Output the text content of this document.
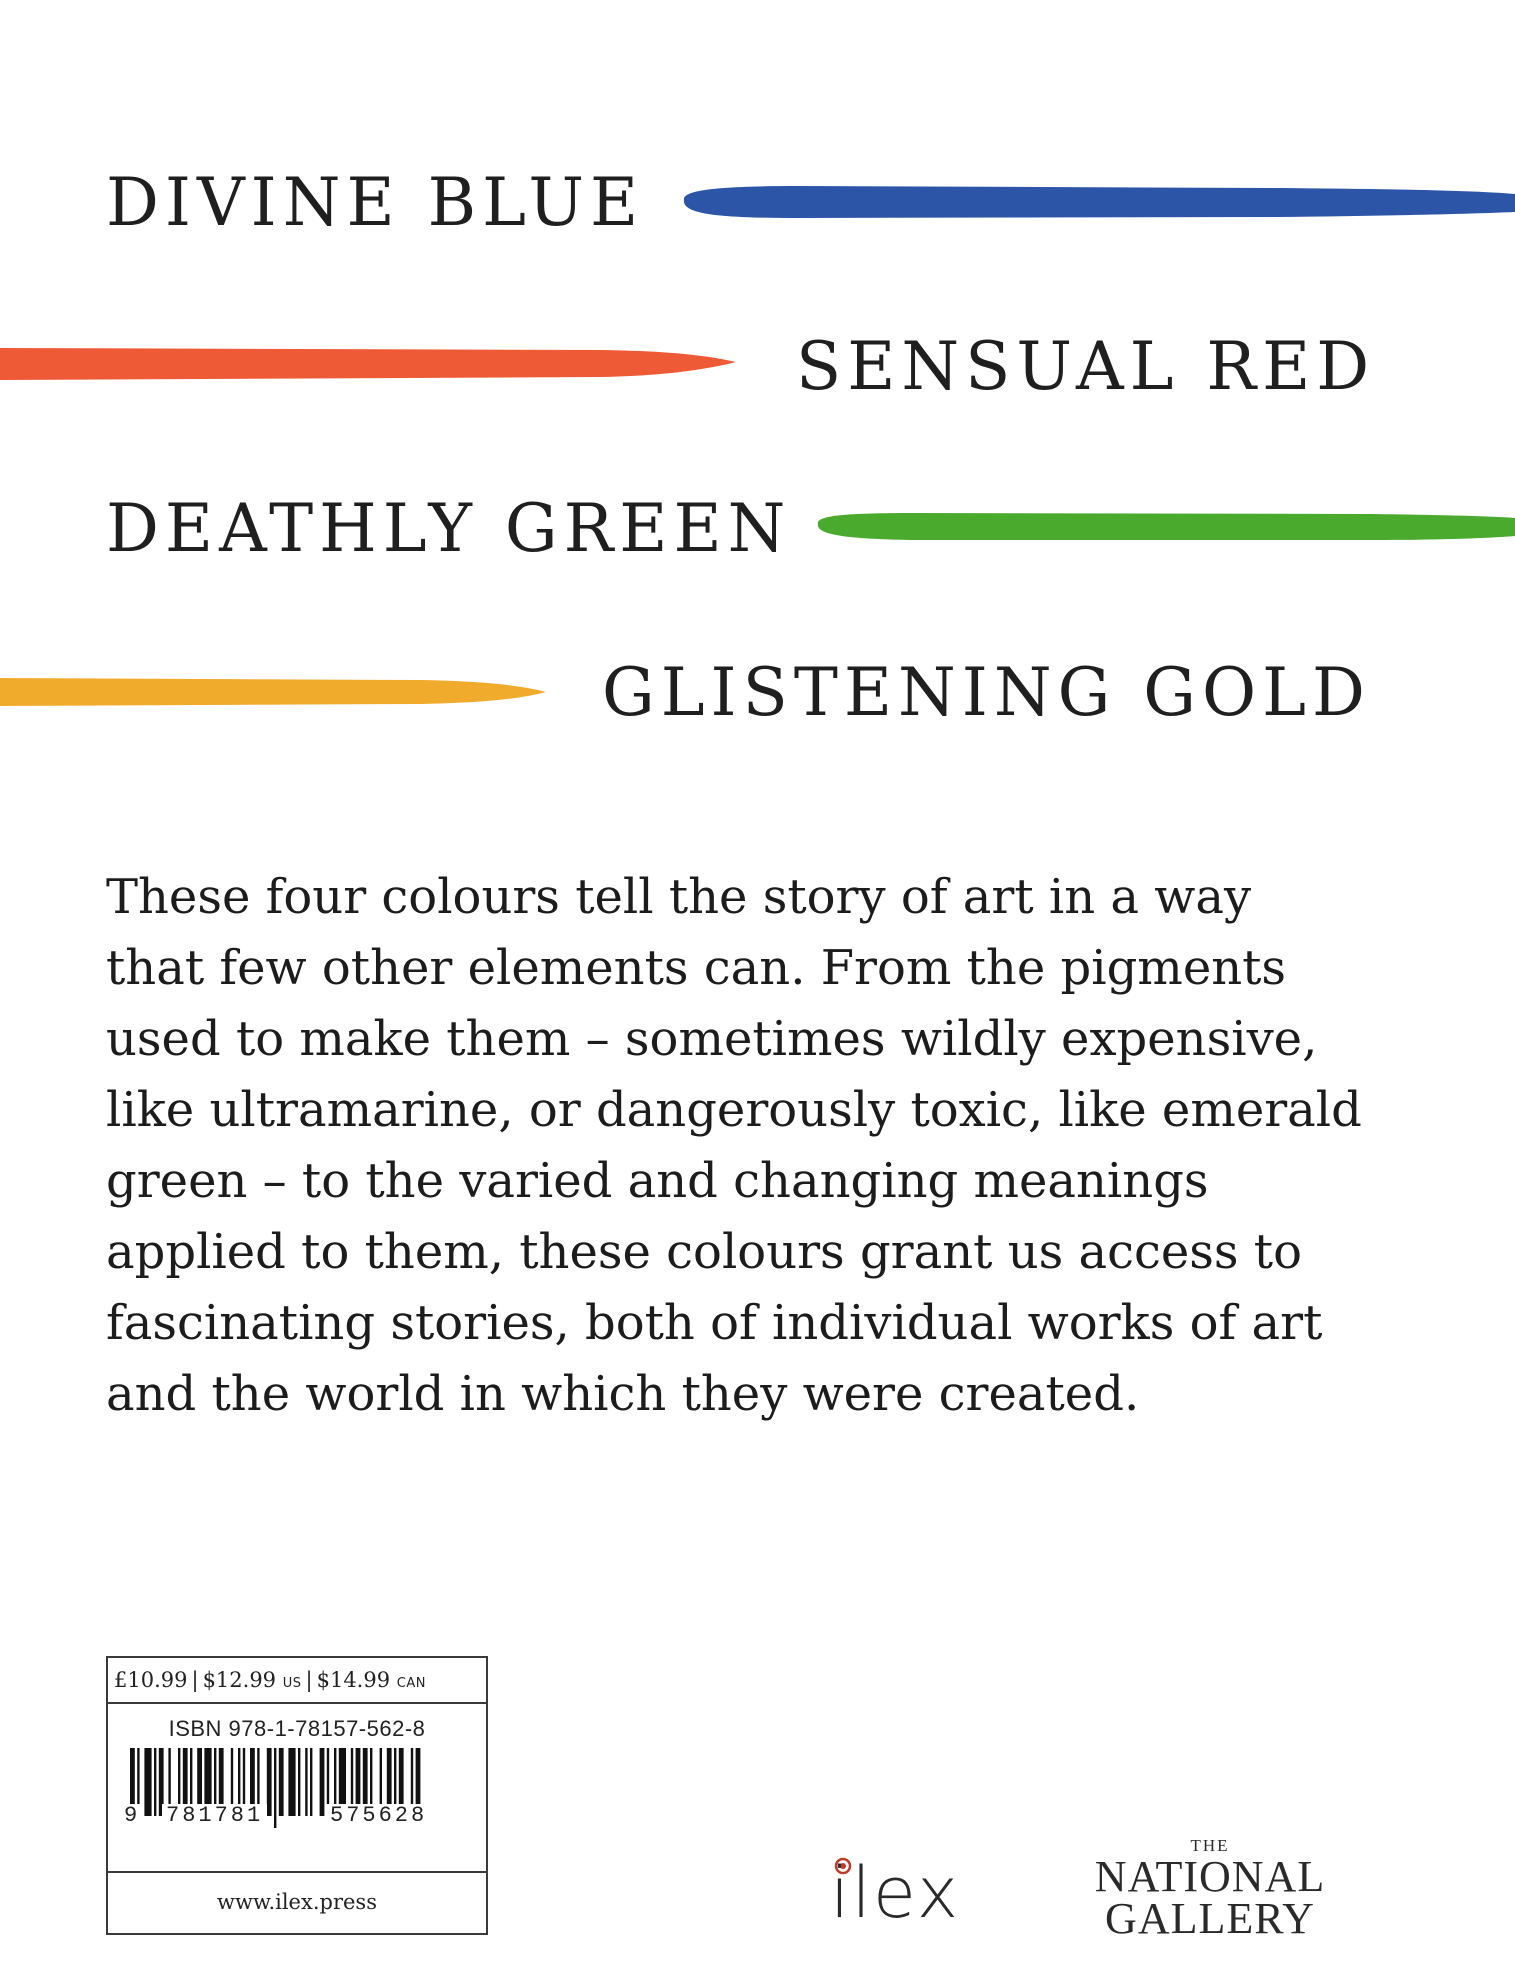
DIVINE BLUE
SENSUAL RED
DEATHLY GREEN
GLISTENING GOLD

These four colours tell the story of art in a way
that few other elements can. From the pigments
used to make them – sometimes wildly expensive,
like ultramarine, or dangerously toxic, like emerald
green – to the varied and changing meanings
applied to them, these colours grant us access to
fascinating stories, both of individual works of art
and the world in which they were created.

£10.99 | $12.99 US | $14.99 CAN
ISBN 978-1-78157-562-8
9 781781	575628
www.ilex.press	ilex
THE
NATIONAL
GALLERY
